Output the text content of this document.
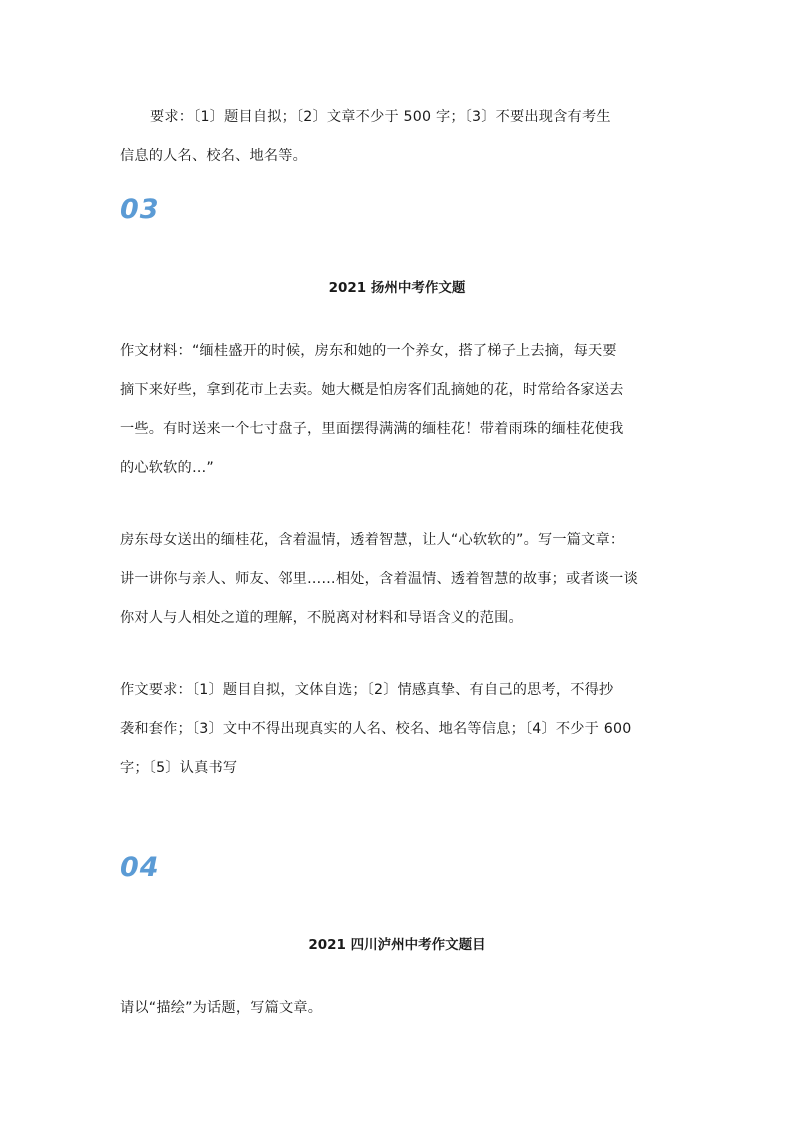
要求：〔1〕题目自拟；〔2〕文章不少于 500 字；〔3〕不要出现含有考生
信息的人名、校名、地名等。
03
2021 扬州中考作文题
作文材料：“缅桂盛开的时候，房东和她的一个养女，搭了梯子上去摘，每天要
摘下来好些，拿到花市上去卖。她大概是怕房客们乱摘她的花，时常给各家送去
一些。有时送来一个七寸盘子，里面摆得满满的缅桂花！带着雨珠的缅桂花使我
的心软软的…”
房东母女送出的缅桂花，含着温情，透着智慧，让人“心软软的”。写一篇文章：
讲一讲你与亲人、师友、邻里……相处，含着温情、透着智慧的故事；或者谈一谈
你对人与人相处之道的理解，不脱离对材料和导语含义的范围。
作文要求：〔1〕题目自拟，文体自选；〔2〕情感真挚、有自己的思考，不得抄
袭和套作；〔3〕文中不得出现真实的人名、校名、地名等信息；〔4〕不少于 600
字；〔5〕认真书写
04
2021 四川泸州中考作文题目
请以“描绘”为话题，写篇文章。
